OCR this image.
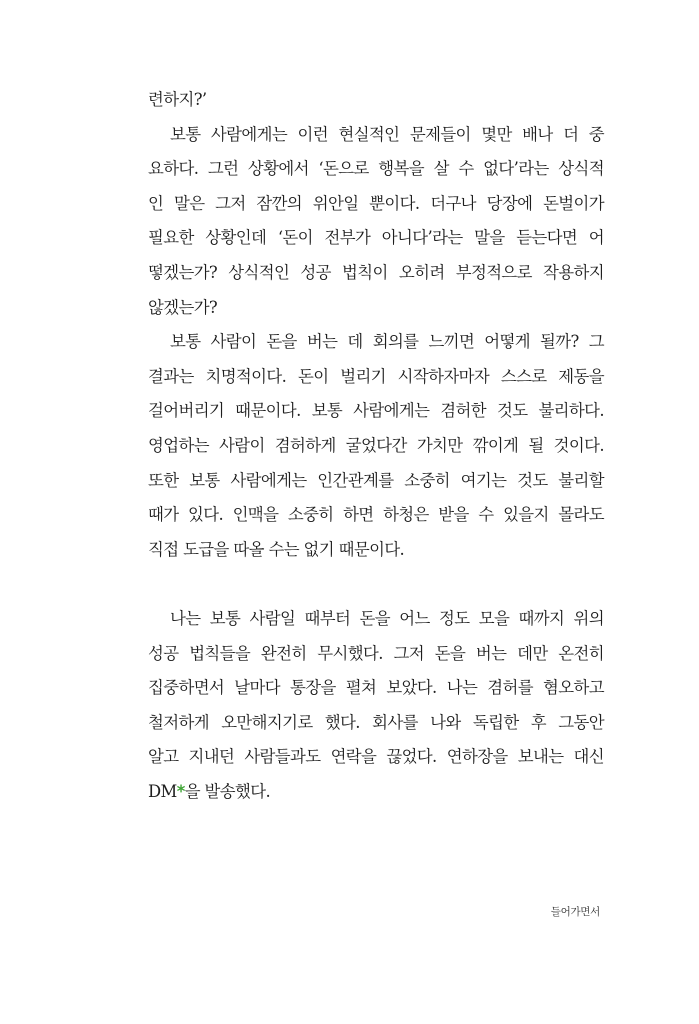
련하지?’
보통 사람에게는 이런 현실적인 문제들이 몇만 배나 더 중
요하다. 그런 상황에서 ‘돈으로 행복을 살 수 없다’라는 상식적
인 말은 그저 잠깐의 위안일 뿐이다. 더구나 당장에 돈벌이가
필요한 상황인데 ‘돈이 전부가 아니다’라는 말을 듣는다면 어
떻겠는가? 상식적인 성공 법칙이 오히려 부정적으로 작용하지
않겠는가?
보통 사람이 돈을 버는 데 회의를 느끼면 어떻게 될까? 그
결과는 치명적이다. 돈이 벌리기 시작하자마자 스스로 제동을
걸어버리기 때문이다. 보통 사람에게는 겸허한 것도 불리하다.
영업하는 사람이 겸허하게 굴었다간 가치만 깎이게 될 것이다.
또한 보통 사람에게는 인간관계를 소중히 여기는 것도 불리할
때가 있다. 인맥을 소중히 하면 하청은 받을 수 있을지 몰라도
직접 도급을 따올 수는 없기 때문이다.
나는 보통 사람일 때부터 돈을 어느 정도 모을 때까지 위의
성공 법칙들을 완전히 무시했다. 그저 돈을 버는 데만 온전히
집중하면서 날마다 통장을 펼쳐 보았다. 나는 겸허를 혐오하고
철저하게 오만해지기로 했다. 회사를 나와 독립한 후 그동안
알고 지내던 사람들과도 연락을 끊었다. 연하장을 보내는 대신
DM*을 발송했다.
들어가면서
